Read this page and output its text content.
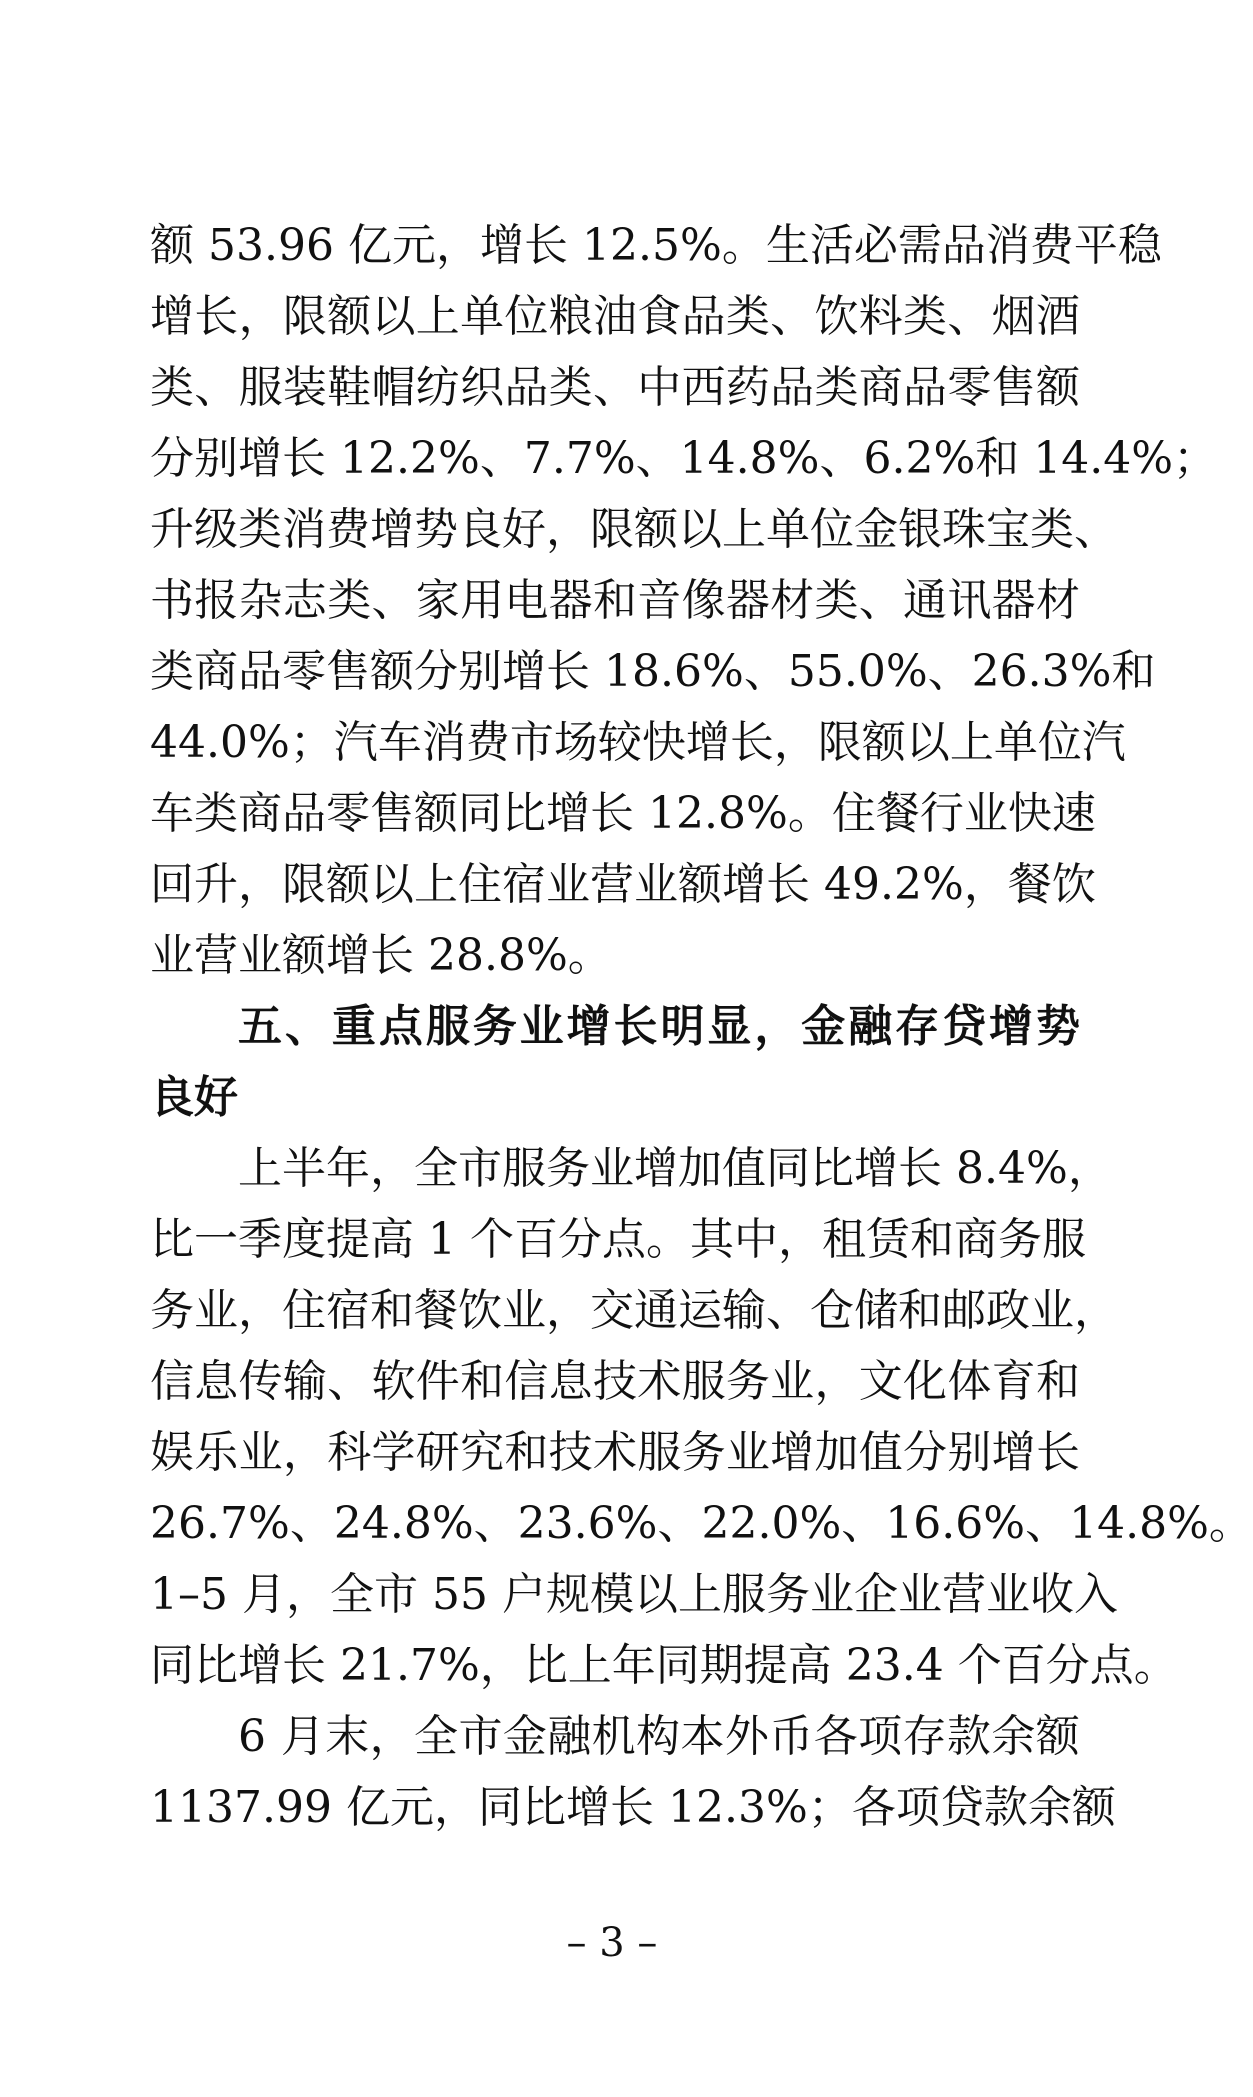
额
5 3 . 9 6
亿 元 ， 增 长
1 2 . 5 % 。 生 活 必 需 品 消 费 平 稳
增 长 ， 限 额 以 上 单 位 粮 油 食 品 类 、 饮 料 类 、 烟 酒
类 、 服 装 鞋 帽 纺 织 品 类 、 中 西 药 品 类 商 品 零 售 额
分 别 增 长
1 2 . 2 % 、 7 . 7 % 、 1 4 . 8 % 、 6 . 2 % 和
1 4 . 4 % ；
升 级 类 消 费 增 势 良 好 ， 限 额 以 上 单 位 金 银 珠 宝 类 、
书 报 杂 志 类 、 家 用 电 器 和 音 像 器 材 类 、 通 讯 器 材
类 商 品 零 售 额 分 别 增 长
1 8 . 6 % 、 5 5 . 0 % 、 2 6 . 3 % 和
4 4 . 0 % ； 汽 车 消 费 市 场 较 快 增 长 ， 限 额 以 上 单 位 汽
车 类 商 品 零 售 额 同 比 增 长
1 2 . 8 % 。 住 餐 行 业 快 速
回 升 ， 限 额 以 上 住 宿 业 营 业 额 增 长
4 9 . 2 % ， 餐 饮
业营业额增长 28.8%。
五 、 重 点 服 务 业 增 长 明 显 ， 金 融 存 贷 增 势
良好
上 半 年 ， 全 市 服 务 业 增 加 值 同 比 增 长
8 . 4 % ，
比 一 季 度 提 高
1
个 百 分 点 。 其 中 ， 租 赁 和 商 务 服
务 业 ， 住 宿 和 餐 饮 业 ， 交 通 运 输 、 仓 储 和 邮 政 业 ，
信 息 传 输 、 软 件 和 信 息 技 术 服 务 业 ， 文 化 体 育 和
娱 乐 业 ， 科 学 研 究 和 技 术 服 务 业 增 加 值 分 别 增 长
2 6 . 7 % 、 2 4 . 8 % 、 2 3 . 6 % 、 2 2 . 0 % 、 1 6 . 6 % 、 1 4 . 8 % 。
1 – 5
月 ， 全 市
5 5
户 规 模 以 上 服 务 业 企 业 营 业 收 入
同比增长 21.7%，比上年同期提高 23.4 个百分点。
6
月 末 ， 全 市 金 融 机 构 本 外 币 各 项 存 款 余 额
1 1 3 7 . 9 9
亿 元 ， 同 比 增 长
1 2 . 3 % ； 各 项 贷 款 余 额
– 3 –
